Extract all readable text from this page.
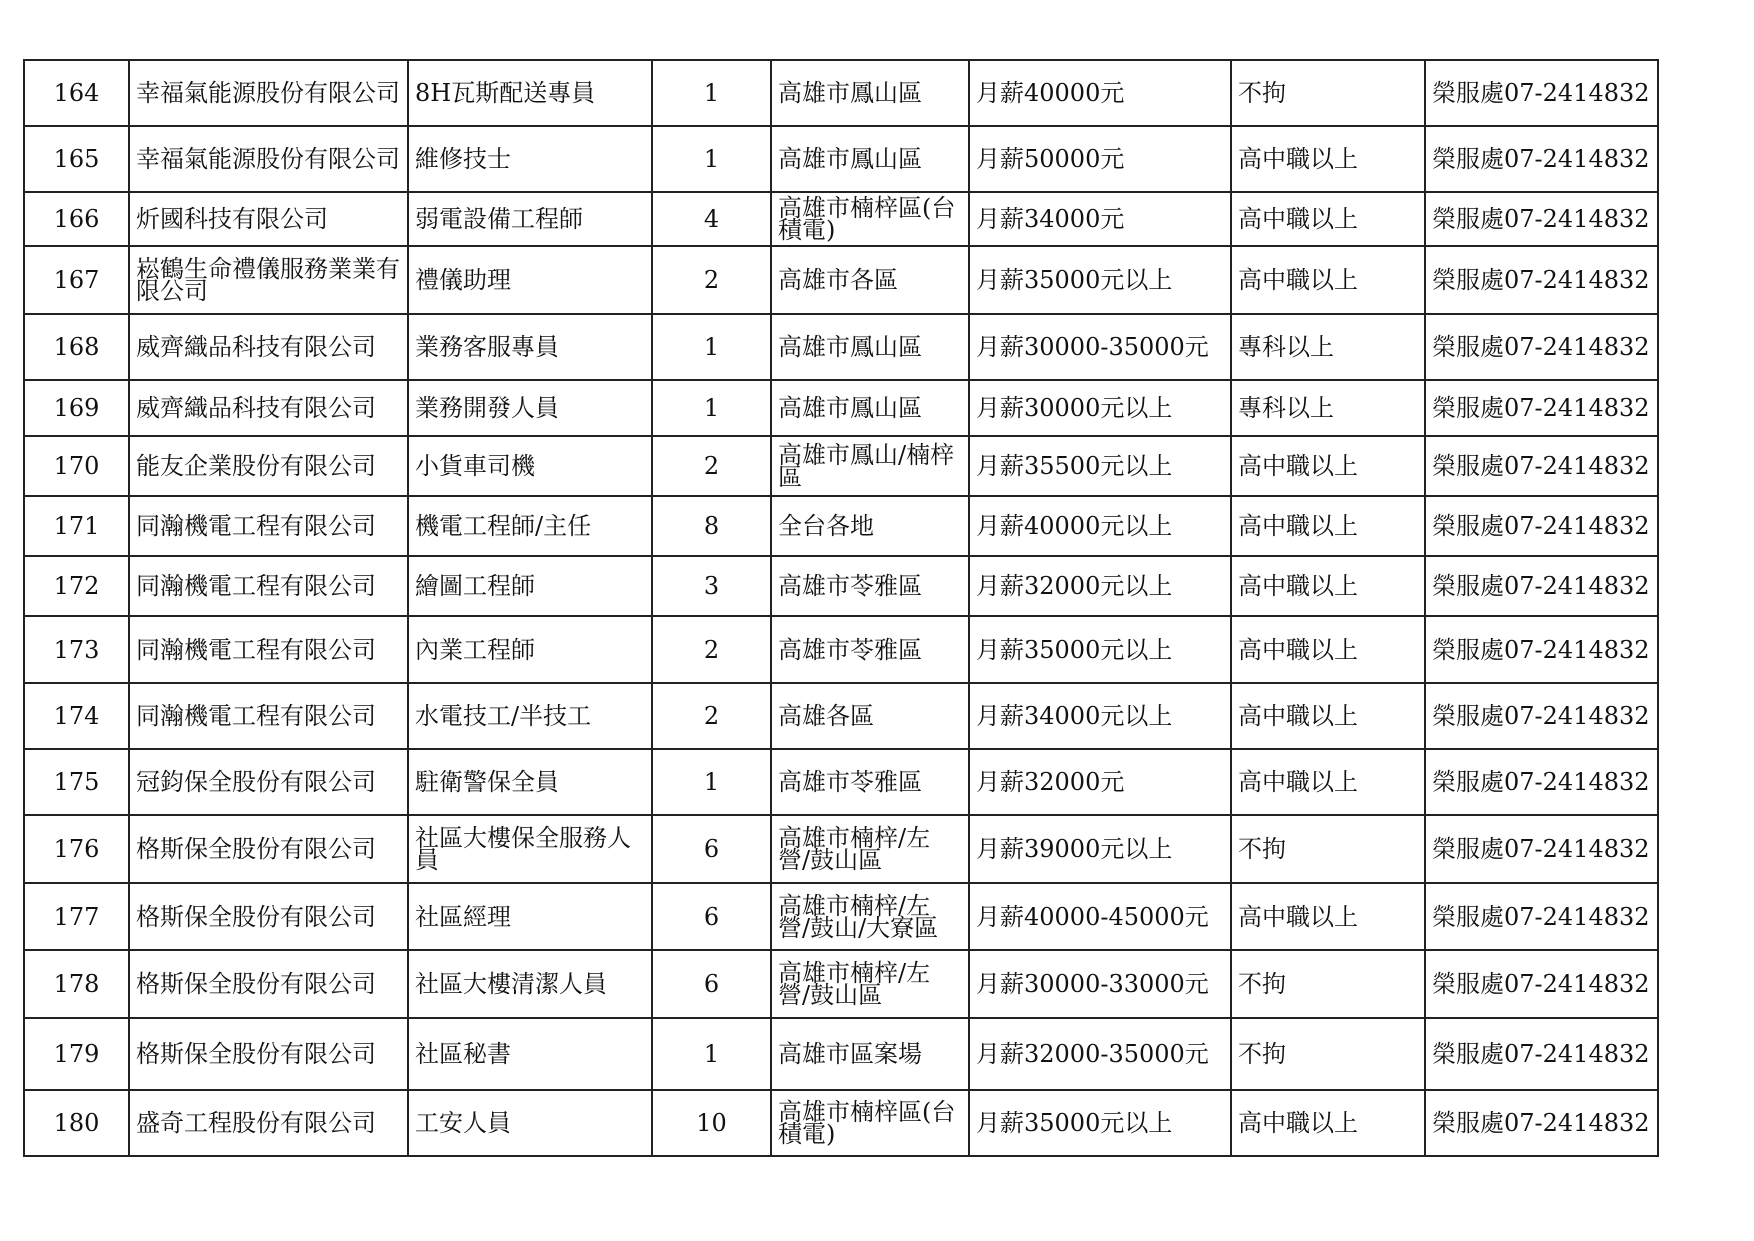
164	幸福氣能源股份有限公司	8H瓦斯配送專員	1	高雄市鳳山區	月薪40000元	不拘	榮服處07-2414832
165	幸福氣能源股份有限公司	維修技士	1	高雄市鳳山區	月薪50000元	高中職以上	榮服處07-2414832
166	炘國科技有限公司	弱電設備工程師	4	高雄市楠梓區(台積電)	月薪34000元	高中職以上	榮服處07-2414832
167	崧鶴生命禮儀服務業業有限公司	禮儀助理	2	高雄市各區	月薪35000元以上	高中職以上	榮服處07-2414832
168	威齊織品科技有限公司	業務客服專員	1	高雄市鳳山區	月薪30000-35000元	專科以上	榮服處07-2414832
169	威齊織品科技有限公司	業務開發人員	1	高雄市鳳山區	月薪30000元以上	專科以上	榮服處07-2414832
170	能友企業股份有限公司	小貨車司機	2	高雄市鳳山/楠梓區	月薪35500元以上	高中職以上	榮服處07-2414832
171	同瀚機電工程有限公司	機電工程師/主任	8	全台各地	月薪40000元以上	高中職以上	榮服處07-2414832
172	同瀚機電工程有限公司	繪圖工程師	3	高雄市苓雅區	月薪32000元以上	高中職以上	榮服處07-2414832
173	同瀚機電工程有限公司	內業工程師	2	高雄市苓雅區	月薪35000元以上	高中職以上	榮服處07-2414832
174	同瀚機電工程有限公司	水電技工/半技工	2	高雄各區	月薪34000元以上	高中職以上	榮服處07-2414832
175	冠鈞保全股份有限公司	駐衛警保全員	1	高雄市苓雅區	月薪32000元	高中職以上	榮服處07-2414832
176	格斯保全股份有限公司	社區大樓保全服務人員	6	高雄市楠梓/左營/鼓山區	月薪39000元以上	不拘	榮服處07-2414832
177	格斯保全股份有限公司	社區經理	6	高雄市楠梓/左營/鼓山/大寮區	月薪40000-45000元	高中職以上	榮服處07-2414832
178	格斯保全股份有限公司	社區大樓清潔人員	6	高雄市楠梓/左營/鼓山區	月薪30000-33000元	不拘	榮服處07-2414832
179	格斯保全股份有限公司	社區秘書	1	高雄市區案場	月薪32000-35000元	不拘	榮服處07-2414832
180	盛奇工程股份有限公司	工安人員	10	高雄市楠梓區(台積電)	月薪35000元以上	高中職以上	榮服處07-2414832
